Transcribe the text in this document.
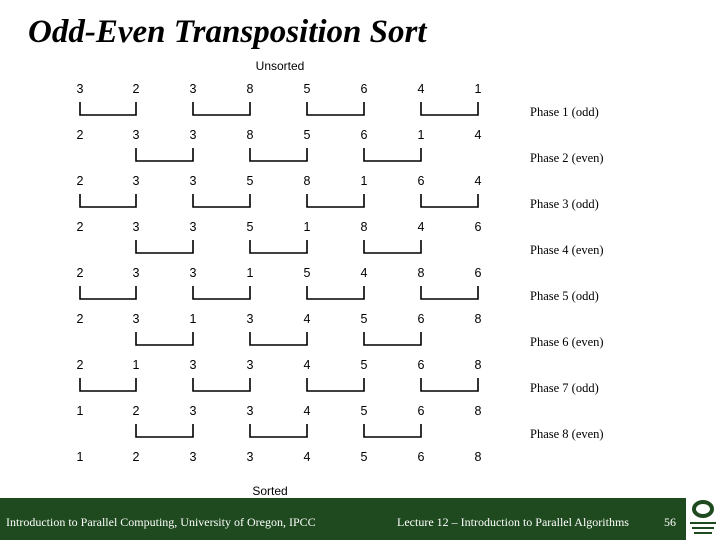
Odd-Even Transposition Sort
Unsorted
3	2	3	8	5	6	4	1
Phase 1 (odd)
2	3	3	8	5	6	1	4
Phase 2 (even)
2	3	3	5	8	1	6	4
Phase 3 (odd)
2	3	3	5	1	8	4	6
Phase 4 (even)
2	3	3	1	5	4	8	6
Phase 5 (odd)
2	3	1	3	4	5	6	8
Phase 6 (even)
2	1	3	3	4	5	6	8
Phase 7 (odd)
1	2	3	3	4	5	6	8
Phase 8 (even)
1	2	3	3	4	5	6	8
Sorted
Introduction to Parallel Computing, University of Oregon, IPCC	Lecture 12 – Introduction to Parallel Algorithms	56
